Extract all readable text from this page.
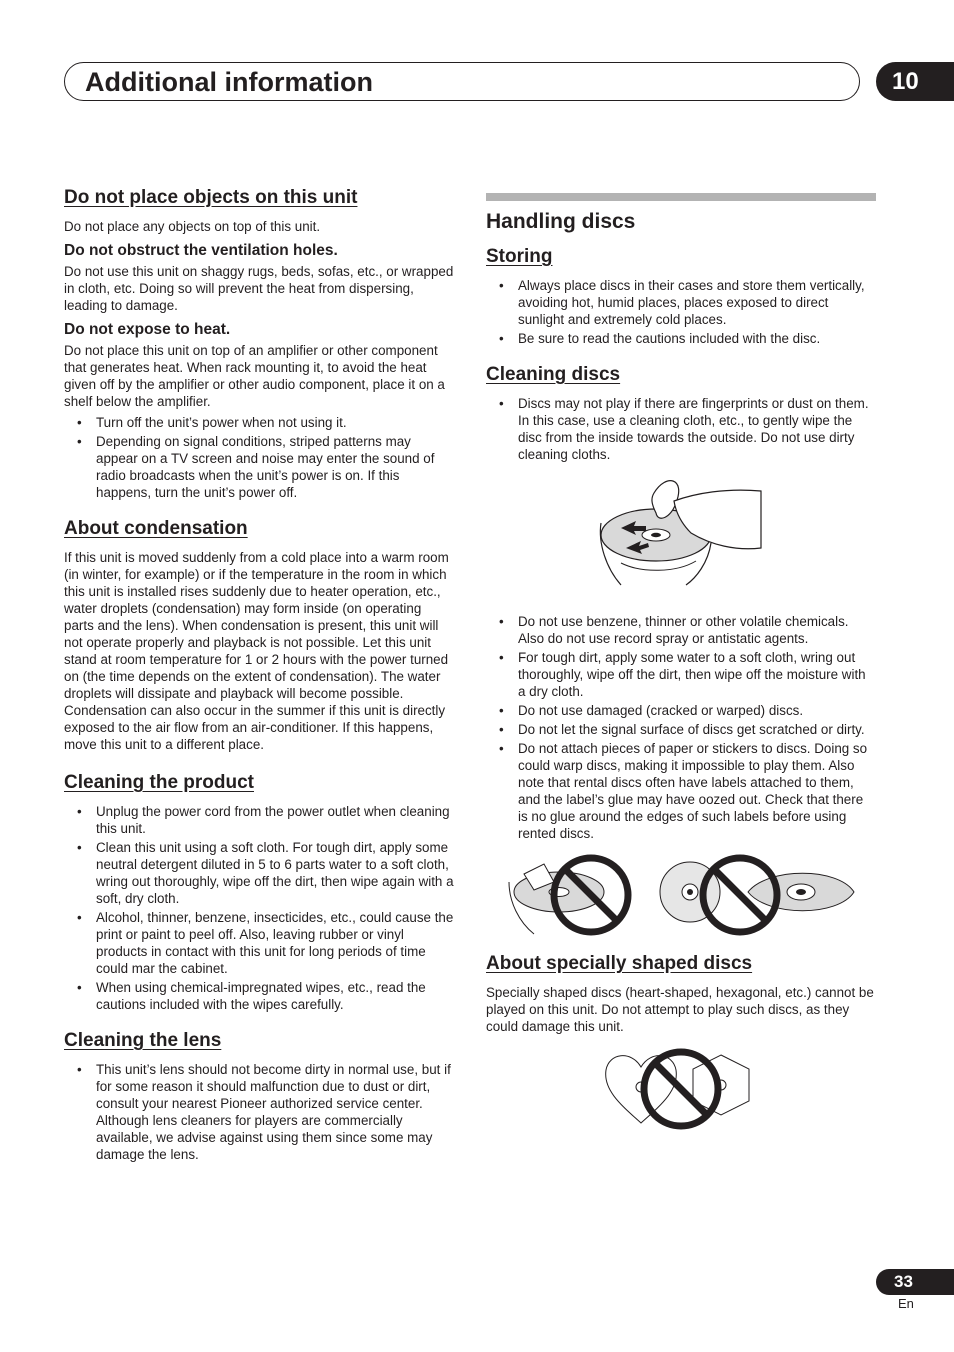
Additional information	10
Do not place objects on this unit

Do not place any objects on top of this unit.

Do not obstruct the ventilation holes.

Do not use this unit on shaggy rugs, beds, sofas, etc., or wrapped in cloth, etc. Doing so will prevent the heat from dispersing, leading to damage.

Do not expose to heat.

Do not place this unit on top of an amplifier or other component that generates heat. When rack mounting it, to avoid the heat given off by the amplifier or other audio component, place it on a shelf below the amplifier.

• Turn off the unit’s power when not using it.
• Depending on signal conditions, striped patterns may appear on a TV screen and noise may enter the sound of radio broadcasts when the unit’s power is on. If this happens, turn the unit’s power off.
About condensation

If this unit is moved suddenly from a cold place into a warm room (in winter, for example) or if the temperature in the room in which this unit is installed rises suddenly due to heater operation, etc., water droplets (condensation) may form inside (on operating parts and the lens). When condensation is present, this unit will not operate properly and playback is not possible. Let this unit stand at room temperature for 1 or 2 hours with the power turned on (the time depends on the extent of condensation). The water droplets will dissipate and playback will become possible. Condensation can also occur in the summer if this unit is directly exposed to the air flow from an air-conditioner. If this happens, move this unit to a different place.

Cleaning the product
• Unplug the power cord from the power outlet when cleaning this unit.
• Clean this unit using a soft cloth. For tough dirt, apply some neutral detergent diluted in 5 to 6 parts water to a soft cloth, wring out thoroughly, wipe off the dirt, then wipe again with a soft, dry cloth.
• Alcohol, thinner, benzene, insecticides, etc., could cause the print or paint to peel off. Also, leaving rubber or vinyl products in contact with this unit for long periods of time could mar the cabinet.
• When using chemical-impregnated wipes, etc., read the cautions included with the wipes carefully.
Cleaning the lens
• This unit’s lens should not become dirty in normal use, but if for some reason it should malfunction due to dust or dirt, consult your nearest Pioneer authorized service center. Although lens cleaners for players are commercially available, we advise against using them since some may damage the lens.
Handling discs
Storing
• Always place discs in their cases and store them vertically, avoiding hot, humid places, places exposed to direct sunlight and extremely cold places.
• Be sure to read the cautions included with the disc.
Cleaning discs
• Discs may not play if there are fingerprints or dust on them. In this case, use a cleaning cloth, etc., to gently wipe the disc from the inside towards the outside. Do not use dirty cleaning cloths.
• Do not use benzene, thinner or other volatile chemicals. Also do not use record spray or antistatic agents.
• For tough dirt, apply some water to a soft cloth, wring out thoroughly, wipe off the dirt, then wipe off the moisture with a dry cloth.
• Do not use damaged (cracked or warped) discs.
• Do not let the signal surface of discs get scratched or dirty.
• Do not attach pieces of paper or stickers to discs. Doing so could warp discs, making it impossible to play them. Also note that rental discs often have labels attached to them, and the label’s glue may have oozed out. Check that there is no glue around the edges of such labels before using rented discs.
About specially shaped discs

Specially shaped discs (heart-shaped, hexagonal, etc.) cannot be played on this unit. Do not attempt to play such discs, as they could damage this unit.

33
En
